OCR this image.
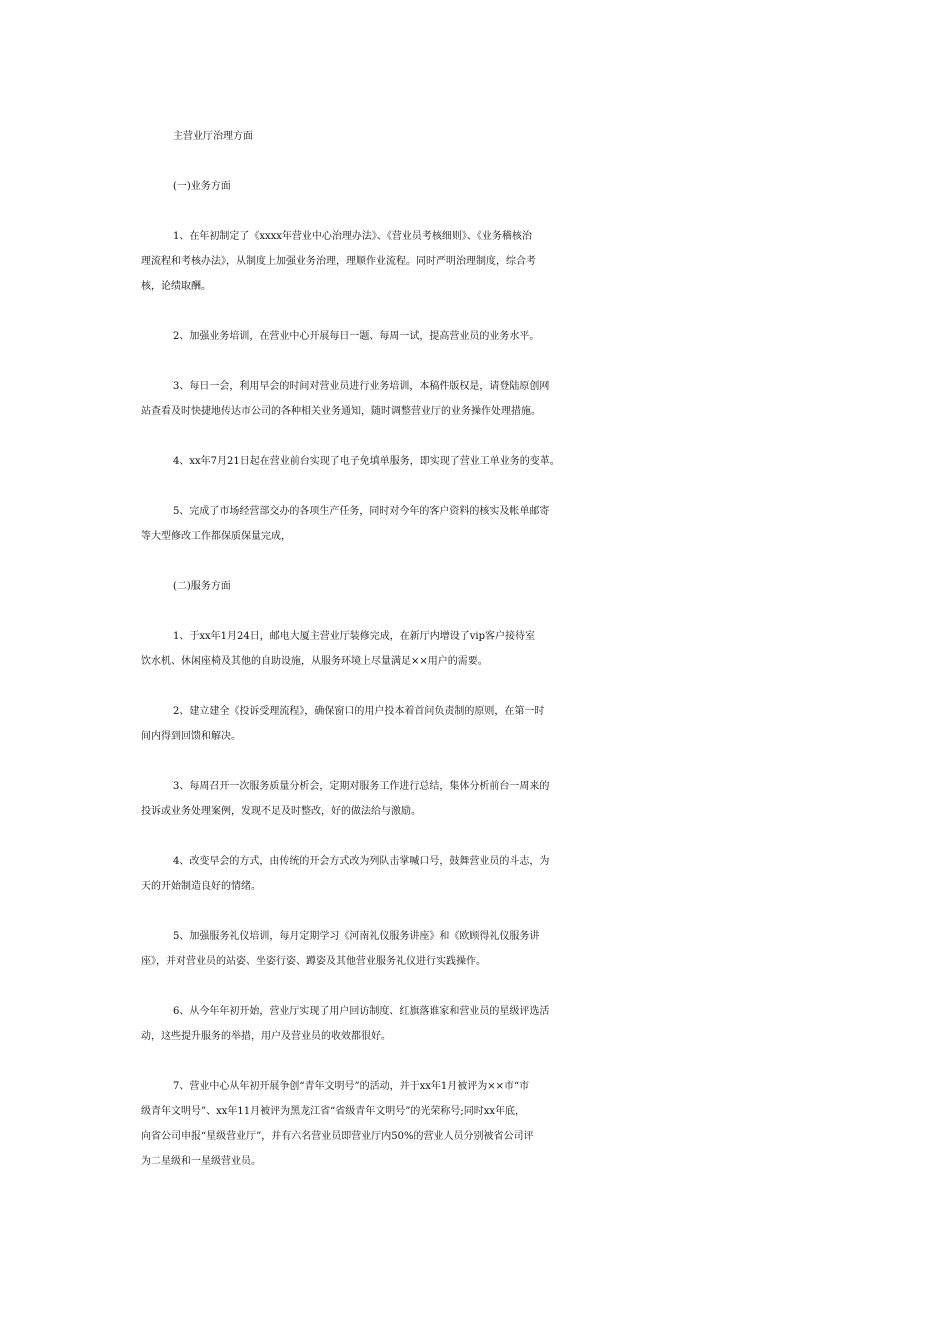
主营业厅治理方面
(一)业务方面
1、在年初制定了《xxxx年营业中心治理办法》、《营业员考核细则》、《业务稽核治
理流程和考核办法》，从制度上加强业务治理，理顺作业流程。同时严明治理制度，综合考
核，论绩取酬。
2、加强业务培训，在营业中心开展每日一题、每周一试，提高营业员的业务水平。
3、每日一会，利用早会的时间对营业员进行业务培训，本稿件版权是，请登陆原创网
站查看及时快捷地传达市公司的各种相关业务通知，随时调整营业厅的业务操作处理措施。
4、xx年7月21日起在营业前台实现了电子免填单服务，即实现了营业工单业务的变革。
5、完成了市场经营部交办的各项生产任务，同时对今年的客户资料的核实及帐单邮寄
等大型修改工作都保质保量完成，
(二)服务方面
1、于xx年1月24日，邮电大厦主营业厅装修完成，在新厅内增设了vip客户接待室
饮水机、休闲座椅及其他的自助设施，从服务环境上尽量满足××用户的需要。
2、建立建全《投诉受理流程》，确保窗口的用户投本着首问负责制的原则，在第一时
间内得到回馈和解决。
3、每周召开一次服务质量分析会，定期对服务工作进行总结，集体分析前台一周来的
投诉或业务处理案例，发现不足及时整改，好的做法给与激励。
4、改变早会的方式，由传统的开会方式改为列队击掌喊口号，鼓舞营业员的斗志，为
天的开始制造良好的情绪。
5、加强服务礼仪培训，每月定期学习《河南礼仪服务讲座》和《欧顾得礼仪服务讲
座》，并对营业员的站姿、坐姿行姿、蹲姿及其他营业服务礼仪进行实践操作。
6、从今年年初开始，营业厅实现了用户回访制度、红旗落谁家和营业员的星级评选活
动，这些提升服务的举措，用户及营业员的收效都很好。
7、营业中心从年初开展争创“青年文明号”的活动，并于xx年1月被评为××市“市
级青年文明号”、xx年11月被评为黑龙江省“省级青年文明号”的光荣称号;同时xx年底，
向省公司申报“星级营业厅”，并有六名营业员即营业厅内50%的营业人员分别被省公司评
为二星级和一星级营业员。
